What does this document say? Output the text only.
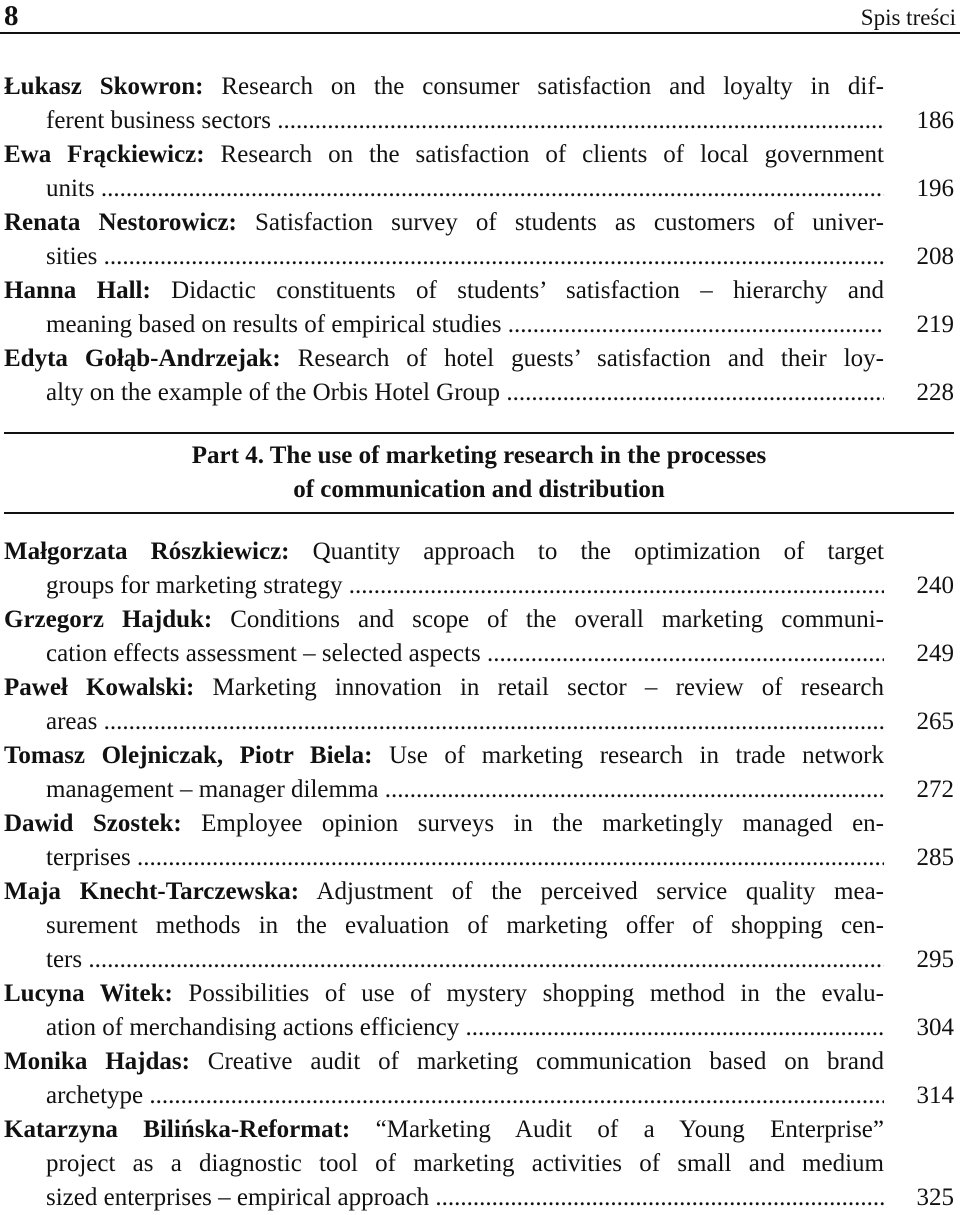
8	Spis treści
Łukasz Skowron: Research on the consumer satisfaction and loyalty in dif-
ferent business sectors .....	186
Ewa Frąckiewicz: Research on the satisfaction of clients of local government
units .....	196
Renata Nestorowicz: Satisfaction survey of students as customers of univer-
sities .....	208
Hanna Hall: Didactic constituents of students’ satisfaction – hierarchy and
meaning based on results of empirical studies .....	219
Edyta Gołąb-Andrzejak: Research of hotel guests’ satisfaction and their loy-
alty on the example of the Orbis Hotel Group .....	228
Part 4. The use of marketing research in the processes
of communication and distribution
Małgorzata Rószkiewicz: Quantity approach to the optimization of target
groups for marketing strategy .....	240
Grzegorz Hajduk: Conditions and scope of the overall marketing communi-
cation effects assessment – selected aspects .....	249
Paweł Kowalski: Marketing innovation in retail sector – review of research
areas .....	265
Tomasz Olejniczak, Piotr Biela: Use of marketing research in trade network
management – manager dilemma .....	272
Dawid Szostek: Employee opinion surveys in the marketingly managed en-
terprises .....	285
Maja Knecht-Tarczewska: Adjustment of the perceived service quality mea-
surement methods in the evaluation of marketing offer of shopping cen-
ters .....	295
Lucyna Witek: Possibilities of use of mystery shopping method in the evalu-
ation of merchandising actions efficiency .....	304
Monika Hajdas: Creative audit of marketing communication based on brand
archetype .....	314
Katarzyna Bilińska-Reformat: “Marketing Audit of a Young Enterprise”
project as a diagnostic tool of marketing activities of small and medium
sized enterprises – empirical approach .....	325
